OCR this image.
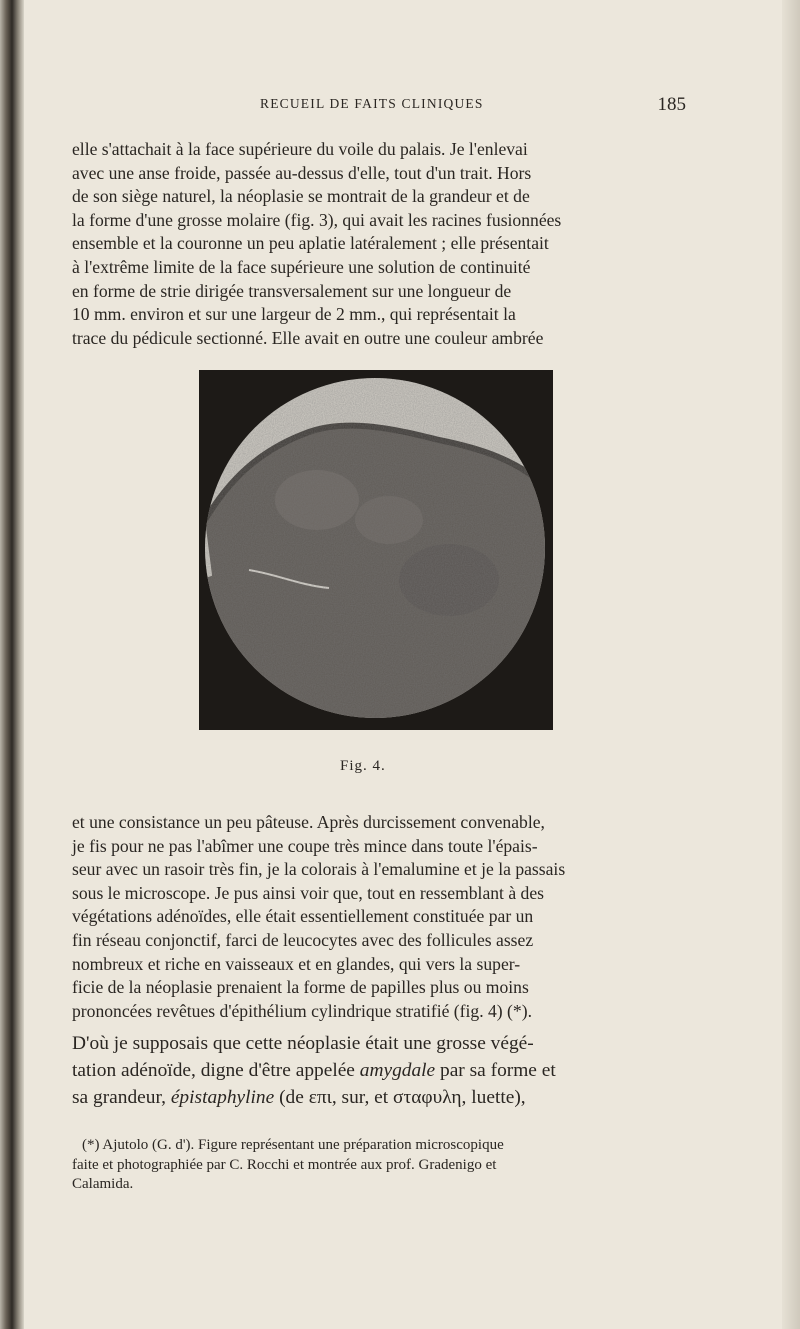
RECUEIL DE FAITS CLINIQUES	185

elle s'attachait à la face supérieure du voile du palais. Je l'enlevai
avec une anse froide, passée au-dessus d'elle, tout d'un trait. Hors
de son siège naturel, la néoplasie se montrait de la grandeur et de
la forme d'une grosse molaire (fig. 3), qui avait les racines fusionnées
ensemble et la couronne un peu aplatie latéralement ; elle présentait
à l'extrême limite de la face supérieure une solution de continuité
en forme de strie dirigée transversalement sur une longueur de
10 mm. environ et sur une largeur de 2 mm., qui représentait la
trace du pédicule sectionné. Elle avait en outre une couleur ambrée

Fig. 4.

et une consistance un peu pâteuse. Après durcissement convenable,
je fis pour ne pas l'abîmer une coupe très mince dans toute l'épais-
seur avec un rasoir très fin, je la colorais à l'emalumine et je la passais
sous le microscope. Je pus ainsi voir que, tout en ressemblant à des
végétations adénoïdes, elle était essentiellement constituée par un
fin réseau conjonctif, farci de leucocytes avec des follicules assez
nombreux et riche en vaisseaux et en glandes, qui vers la super-
ficie de la néoplasie prenaient la forme de papilles plus ou moins
prononcées revêtues d'épithélium cylindrique stratifié (fig. 4) (*).

D'où je supposais que cette néoplasie était une grosse végé-
tation adénoïde, digne d'être appelée amygdale par sa forme et
sa grandeur, épistaphyline (de επι, sur, et σταφυλη, luette),

(*) Ajutolo (G. d'). Figure représentant une préparation microscopique
faite et photographiée par C. Rocchi et montrée aux prof. Gradenigo et
Calamida.
